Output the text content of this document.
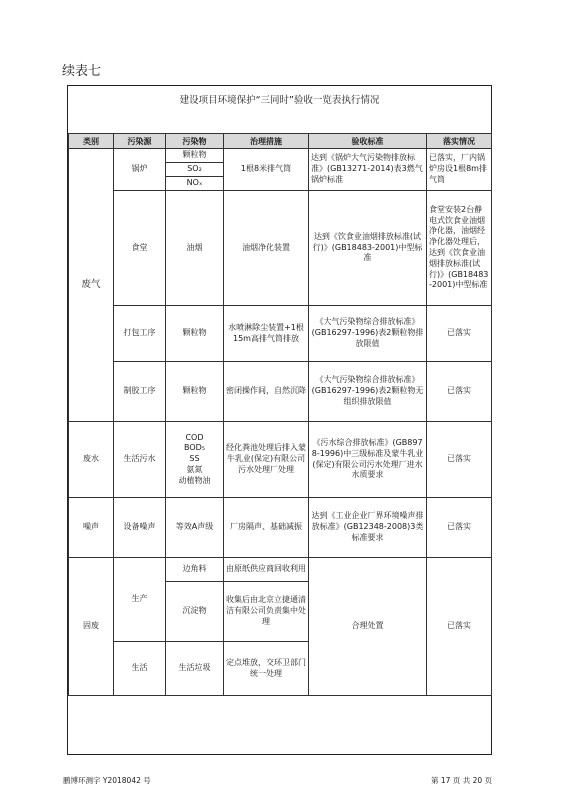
续表七
建设项目环境保护“三同时”验收一览表执行情况
类别	污染源	污染物	治理措施	验收标准	落实情况
废气	锅炉	颗粒物	1根8米排气筒	达到《锅炉大气污染物排放标准》(GB13271-2014)表3燃气锅炉标准	已落实，厂内锅炉房设1根8m排气筒
		SO₂			
		NOₓ			
	食堂	油烟	油烟净化装置	达到《饮食业油烟排放标准(试行)》(GB18483-2001)中型标准	食堂安装2台静电式饮食业油烟净化器，油烟经净化器处理后，达到《饮食业油烟排放标准(试行)》(GB18483-2001)中型标准
	打包工序	颗粒物	水喷淋除尘装置+1根15m高排气筒排放	《大气污染物综合排放标准》(GB16297-1996)表2颗粒物排放限值	已落实
	制胶工序	颗粒物	密闭操作间，自然沉降	《大气污染物综合排放标准》(GB16297-1996)表2颗粒物无组织排放限值	已落实
废水	生活污水	COD
BOD₅
SS
氨氮
动植物油	经化粪池处理后排入蒙牛乳业(保定)有限公司污水处理厂处理	《污水综合排放标准》(GB8978-1996)中三级标准及蒙牛乳业(保定)有限公司污水处理厂进水水质要求	已落实
噪声	设备噪声	等效A声级	厂房隔声、基础减振	达到《工业企业厂界环境噪声排放标准》(GB12348-2008)3类标准要求	已落实
固废	生产	边角料	由原纸供应商回收利用	合理处置	已落实
		沉淀物	收集后由北京立捷通清洁有限公司负责集中处理		
	生活	生活垃圾	定点堆放，交环卫部门统一处理		
鹏博环测字 Y2018042 号	第 17 页 共 20 页
